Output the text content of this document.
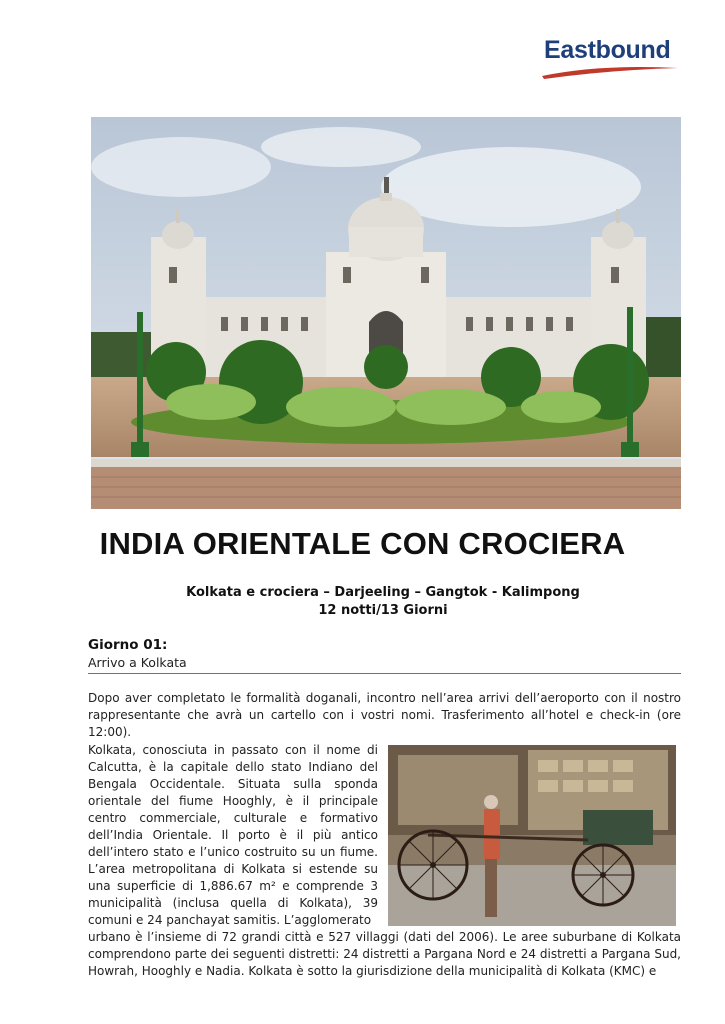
Eastbound
INDIA ORIENTALE CON CROCIERA
Kolkata e crociera – Darjeeling – Gangtok - Kalimpong
12 notti/13 Giorni
Giorno 01:
Arrivo a Kolkata
Dopo aver completato le formalità doganali, incontro nell’area arrivi dell’aeroporto con il nostro rappresentante che avrà un cartello con i vostri nomi. Trasferimento all’hotel e check-in (ore 12:00).
Kolkata, conosciuta in passato con il nome di Calcutta, è la capitale dello stato Indiano del Bengala Occidentale. Situata sulla sponda orientale del fiume Hooghly, è il principale centro commerciale, culturale e formativo dell’India Orientale. Il porto è il più antico dell’intero stato e l’unico costruito su un fiume. L’area metropolitana di Kolkata si estende su una superficie di 1,886.67 m² e comprende 3 municipalità (inclusa quella di Kolkata), 39 comuni e 24 panchayat samitis. L’agglomerato
urbano è l’insieme di 72 grandi città e 527 villaggi (dati del 2006). Le aree suburbane di Kolkata comprendono parte dei seguenti distretti: 24 distretti a Pargana Nord e 24 distretti a Pargana Sud, Howrah, Hooghly e Nadia. Kolkata è sotto la giurisdizione della municipalità di Kolkata (KMC) e
